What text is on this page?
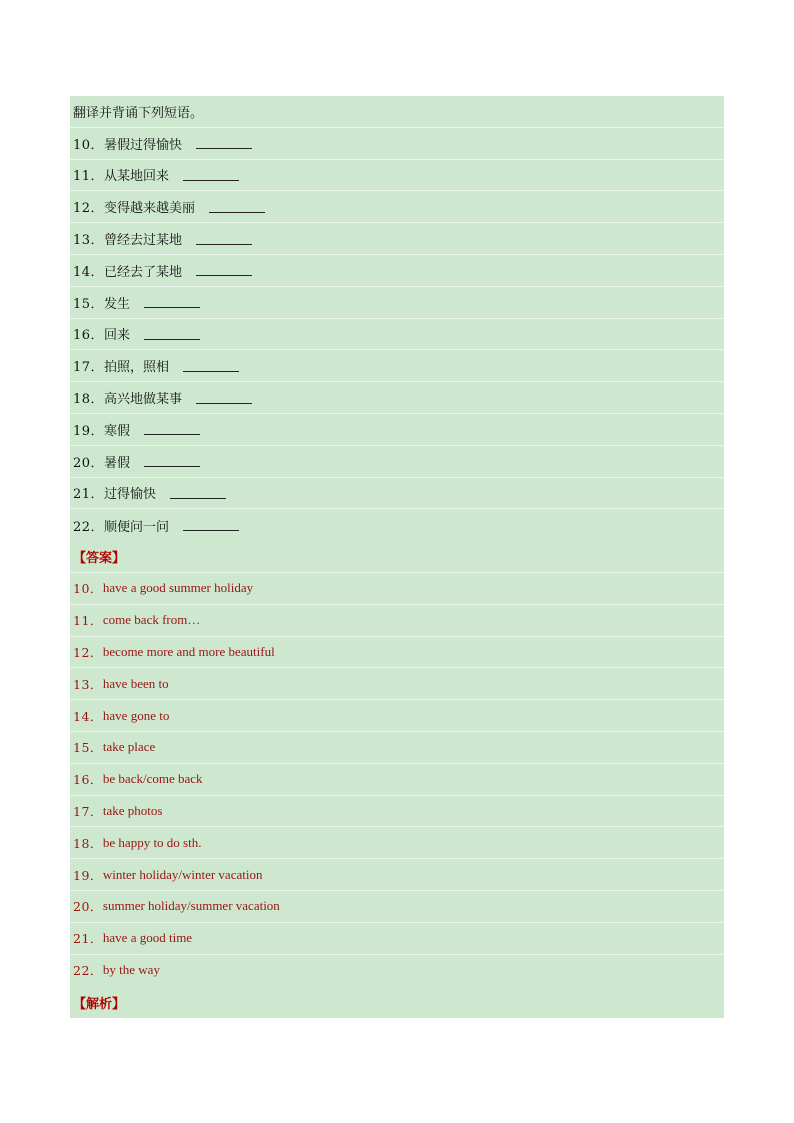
翻译并背诵下列短语。
10． 暑假过得愉快
11． 从某地回来
12． 变得越来越美丽
13． 曾经去过某地
14． 已经去了某地
15． 发生
16． 回来
17． 拍照，照相
18． 高兴地做某事
19． 寒假
20． 暑假
21． 过得愉快
22． 顺便问一问
【答案】
10． have a good summer holiday
11． come back from…
12． become more and more beautiful
13． have been to
14． have gone to
15． take place
16． be back/come back
17． take photos
18． be happy to do sth.
19． winter holiday/winter vacation
20． summer holiday/summer vacation
21． have a good time
22． by the way
【解析】
